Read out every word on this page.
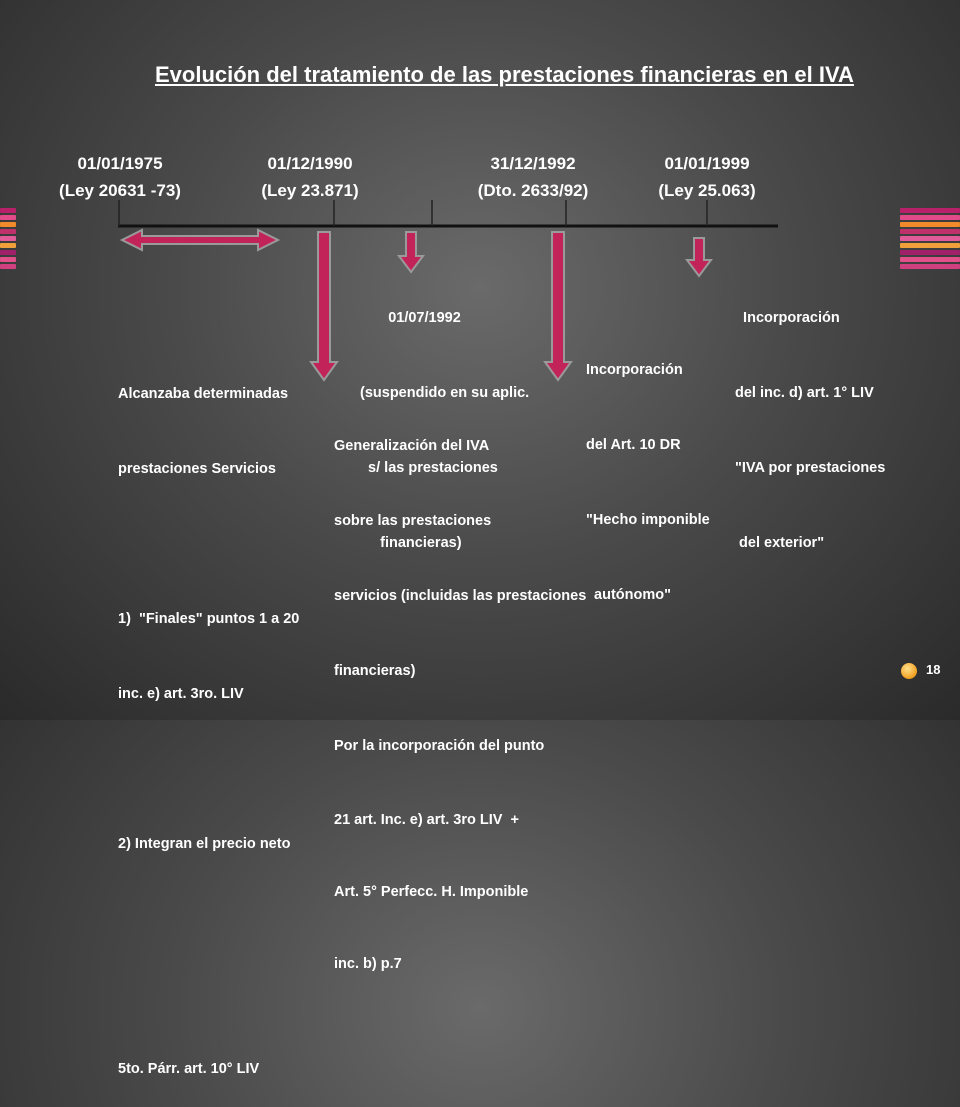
Evolución del tratamiento de las prestaciones financieras en el IVA
01/01/1975
(Ley 20631 -73)
01/12/1990
(Ley 23.871)
31/12/1992
(Dto. 2633/92)
01/01/1999
(Ley 25.063)

Alcanzaba determinadas

prestaciones Servicios

1)  "Finales" puntos 1 a 20

inc. e) art. 3ro. LIV

2) Integran el precio neto

5to. Párr. art. 10° LIV

Generalización del IVA

sobre las prestaciones

servicios (incluidas las prestaciones

financieras)

Por la incorporación del punto

21 art. Inc. e) art. 3ro LIV  +

Art. 5° Perfecc. H. Imponible

inc. b) p.7

01/07/1992

(suspendido en su aplic.

s/ las prestaciones

financieras)

Incorporación

del Art. 10 DR

"Hecho imponible

autónomo"

Incorporación

del inc. d) art. 1° LIV

"IVA por prestaciones

del exterior"

18
